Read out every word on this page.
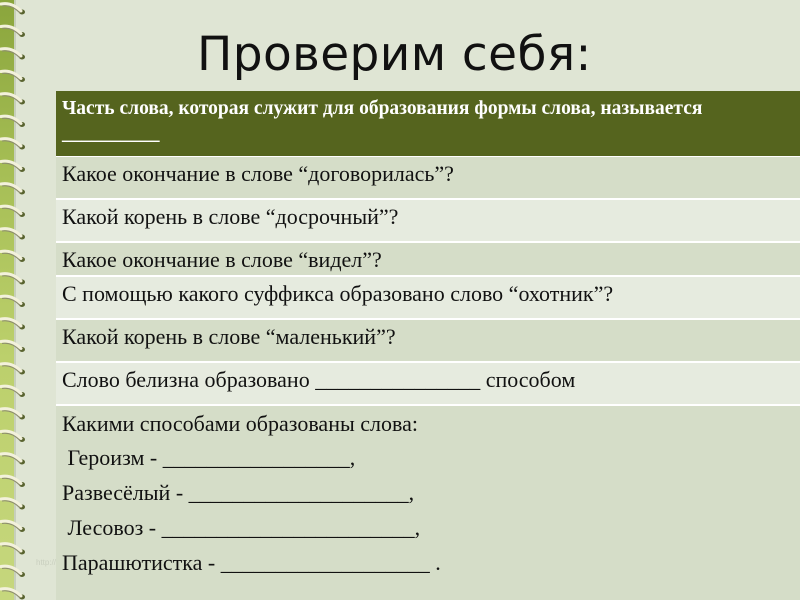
Проверим себя:
Часть слова, которая служит для образования формы слова, называется __________
Какое окончание в слове “договорилась”?
Какой корень в слове “досрочный”?
Какое окончание в слове “видел”?
С помощью какого суффикса образовано слово “охотник”?
Какой корень в слове “маленький”?
Слово белизна образовано _______________ способом
Какими способами образованы слова:
Героизм - _________________,
Развесёлый - ____________________,
Лесовоз - _______________________,
Парашютистка - ___________________ .
http://
